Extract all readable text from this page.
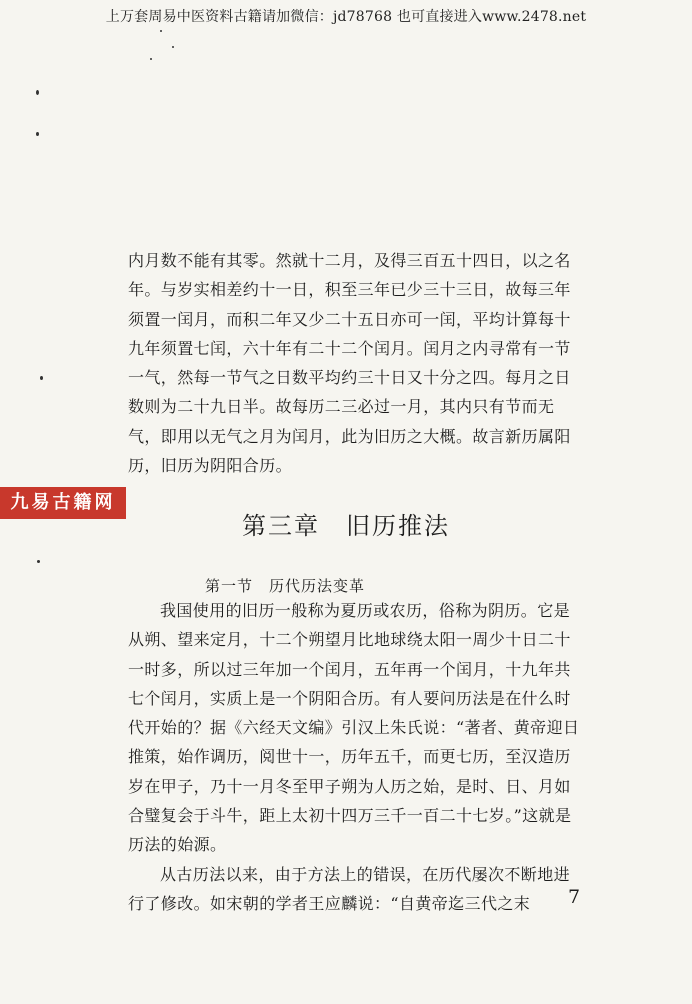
上万套周易中医资料古籍请加微信：jd78768 也可直接进入www.2478.net

内月数不能有其零。然就十二月，及得三百五十四日，以之名年。与岁实相差约十一日，积至三年已少三十三日，故每三年须置一闰月，而积二年又少二十五日亦可一闰，平均计算每十九年须置七闰，六十年有二十二个闰月。闰月之内寻常有一节一气，然每一节气之日数平均约三十日又十分之四。每月之日数则为二十九日半。故每历二三必过一月，其内只有节而无气，即用以无气之月为闰月，此为旧历之大概。故言新历属阳历，旧历为阴阳合历。

九易古籍网
第三章　旧历推法
第一节　历代历法变革

我国使用的旧历一般称为夏历或农历，俗称为阴历。它是从朔、望来定月，十二个朔望月比地球绕太阳一周少十日二十一时多，所以过三年加一个闰月，五年再一个闰月，十九年共七个闰月，实质上是一个阴阳合历。有人要问历法是在什么时代开始的？据《六经天文编》引汉上朱氏说：“著者、黄帝迎日推策，始作调历，阅世十一，历年五千，而更七历，至汉造历岁在甲子，乃十一月冬至甲子朔为人历之始，是时、日、月如合璧复会于斗牛，距上太初十四万三千一百二十七岁。”这就是历法的始源。

从古历法以来，由于方法上的错误，在历代屡次不断地进行了修改。如宋朝的学者王应麟说：“自黄帝迄三代之末	7
